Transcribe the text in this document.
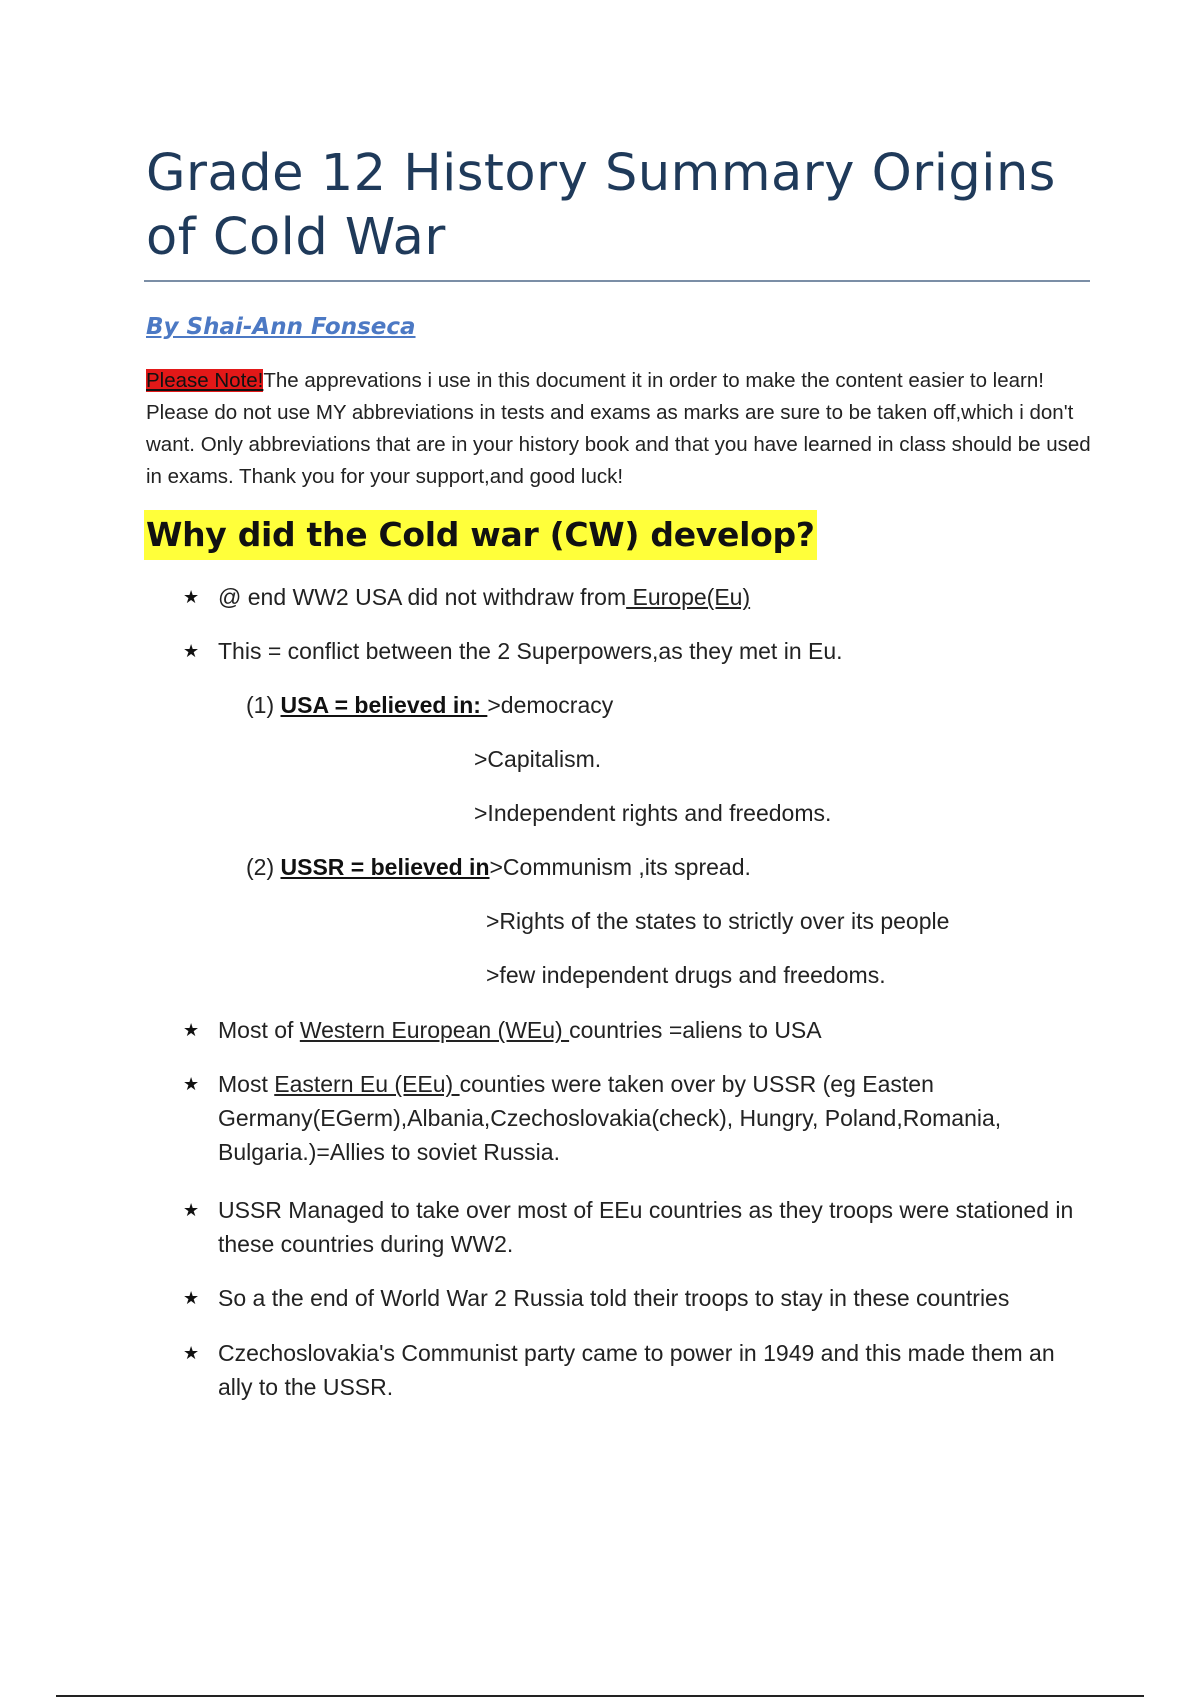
Grade 12 History Summary Origins of Cold War

By Shai-Ann Fonseca

Please Note!The apprevations i use in this document it in order to make the content easier to learn! Please do not use MY abbreviations in tests and exams as marks are sure to be taken off,which i don't want. Only abbreviations that are in your history book and that you have learned in class should be used in exams. Thank you for your support,and good luck!

Why did the Cold war (CW) develop?
★ @ end WW2 USA did not withdraw from Europe(Eu)

★ This = conflict between the 2 Superpowers,as they met in Eu.

(1) USA = believed in: >democracy

>Capitalism.

>Independent rights and freedoms.

(2) USSR = believed in>Communism ,its spread.

>Rights of the states to strictly over its people

>few independent drugs and freedoms.

★ Most of Western European (WEu) countries =aliens to USA

★ Most Eastern Eu (EEu) counties were taken over by USSR (eg Easten Germany(EGerm),Albania,Czechoslovakia(check), Hungry, Poland,Romania, Bulgaria.)=Allies to soviet Russia.

★ USSR Managed to take over most of EEu countries as they troops were stationed in these countries during WW2.

★ So a the end of World War 2 Russia told their troops to stay in these countries

★ Czechoslovakia's Communist party came to power in 1949 and this made them an ally to the USSR.
